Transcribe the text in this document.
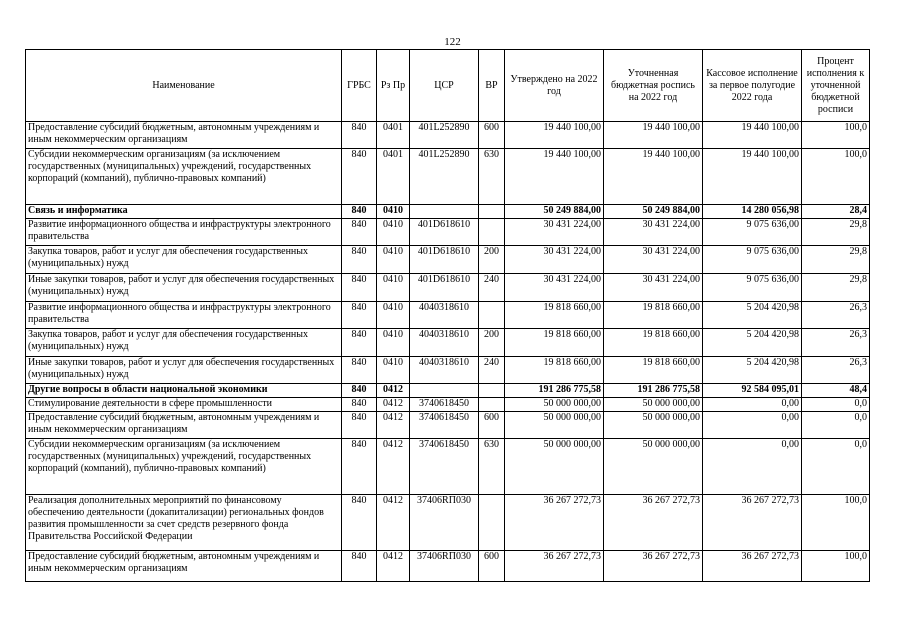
122
Наименование	ГРБС	Рз Пр	ЦСР	ВР	Утверждено на 2022 год	Уточненная бюджетная роспись на 2022 год	Кассовое исполнение за первое полугодие 2022 года	Процент исполнения к уточненной бюджетной росписи
Предоставление субсидий бюджетным, автономным учреждениям и иным некоммерческим организациям	840	0401	401L252890	600	19 440 100,00	19 440 100,00	19 440 100,00	100,0
Субсидии некоммерческим организациям (за исключением государственных (муниципальных) учреждений, государственных корпораций (компаний), публично-правовых компаний)	840	0401	401L252890	630	19 440 100,00	19 440 100,00	19 440 100,00	100,0
Связь и информатика	840	0410			50 249 884,00	50 249 884,00	14 280 056,98	28,4
Развитие информационного общества и инфраструктуры электронного правительства	840	0410	401D618610		30 431 224,00	30 431 224,00	9 075 636,00	29,8
Закупка товаров, работ и услуг для обеспечения государственных (муниципальных) нужд	840	0410	401D618610	200	30 431 224,00	30 431 224,00	9 075 636,00	29,8
Иные закупки товаров, работ и услуг для обеспечения государственных (муниципальных) нужд	840	0410	401D618610	240	30 431 224,00	30 431 224,00	9 075 636,00	29,8
Развитие информационного общества и инфраструктуры электронного правительства	840	0410	4040318610		19 818 660,00	19 818 660,00	5 204 420,98	26,3
Закупка товаров, работ и услуг для обеспечения государственных (муниципальных) нужд	840	0410	4040318610	200	19 818 660,00	19 818 660,00	5 204 420,98	26,3
Иные закупки товаров, работ и услуг для обеспечения государственных (муниципальных) нужд	840	0410	4040318610	240	19 818 660,00	19 818 660,00	5 204 420,98	26,3
Другие вопросы в области национальной экономики	840	0412			191 286 775,58	191 286 775,58	92 584 095,01	48,4
Стимулирование деятельности в сфере промышленности	840	0412	3740618450		50 000 000,00	50 000 000,00	0,00	0,0
Предоставление субсидий бюджетным, автономным учреждениям и иным некоммерческим организациям	840	0412	3740618450	600	50 000 000,00	50 000 000,00	0,00	0,0
Субсидии некоммерческим организациям (за исключением государственных (муниципальных) учреждений, государственных корпораций (компаний), публично-правовых компаний)	840	0412	3740618450	630	50 000 000,00	50 000 000,00	0,00	0,0
Реализация дополнительных мероприятий по финансовому обеспечению деятельности (докапитализации) региональных фондов развития промышленности за счет средств резервного фонда Правительства Российской Федерации	840	0412	37406RП030		36 267 272,73	36 267 272,73	36 267 272,73	100,0
Предоставление субсидий бюджетным, автономным учреждениям и иным некоммерческим организациям	840	0412	37406RП030	600	36 267 272,73	36 267 272,73	36 267 272,73	100,0
